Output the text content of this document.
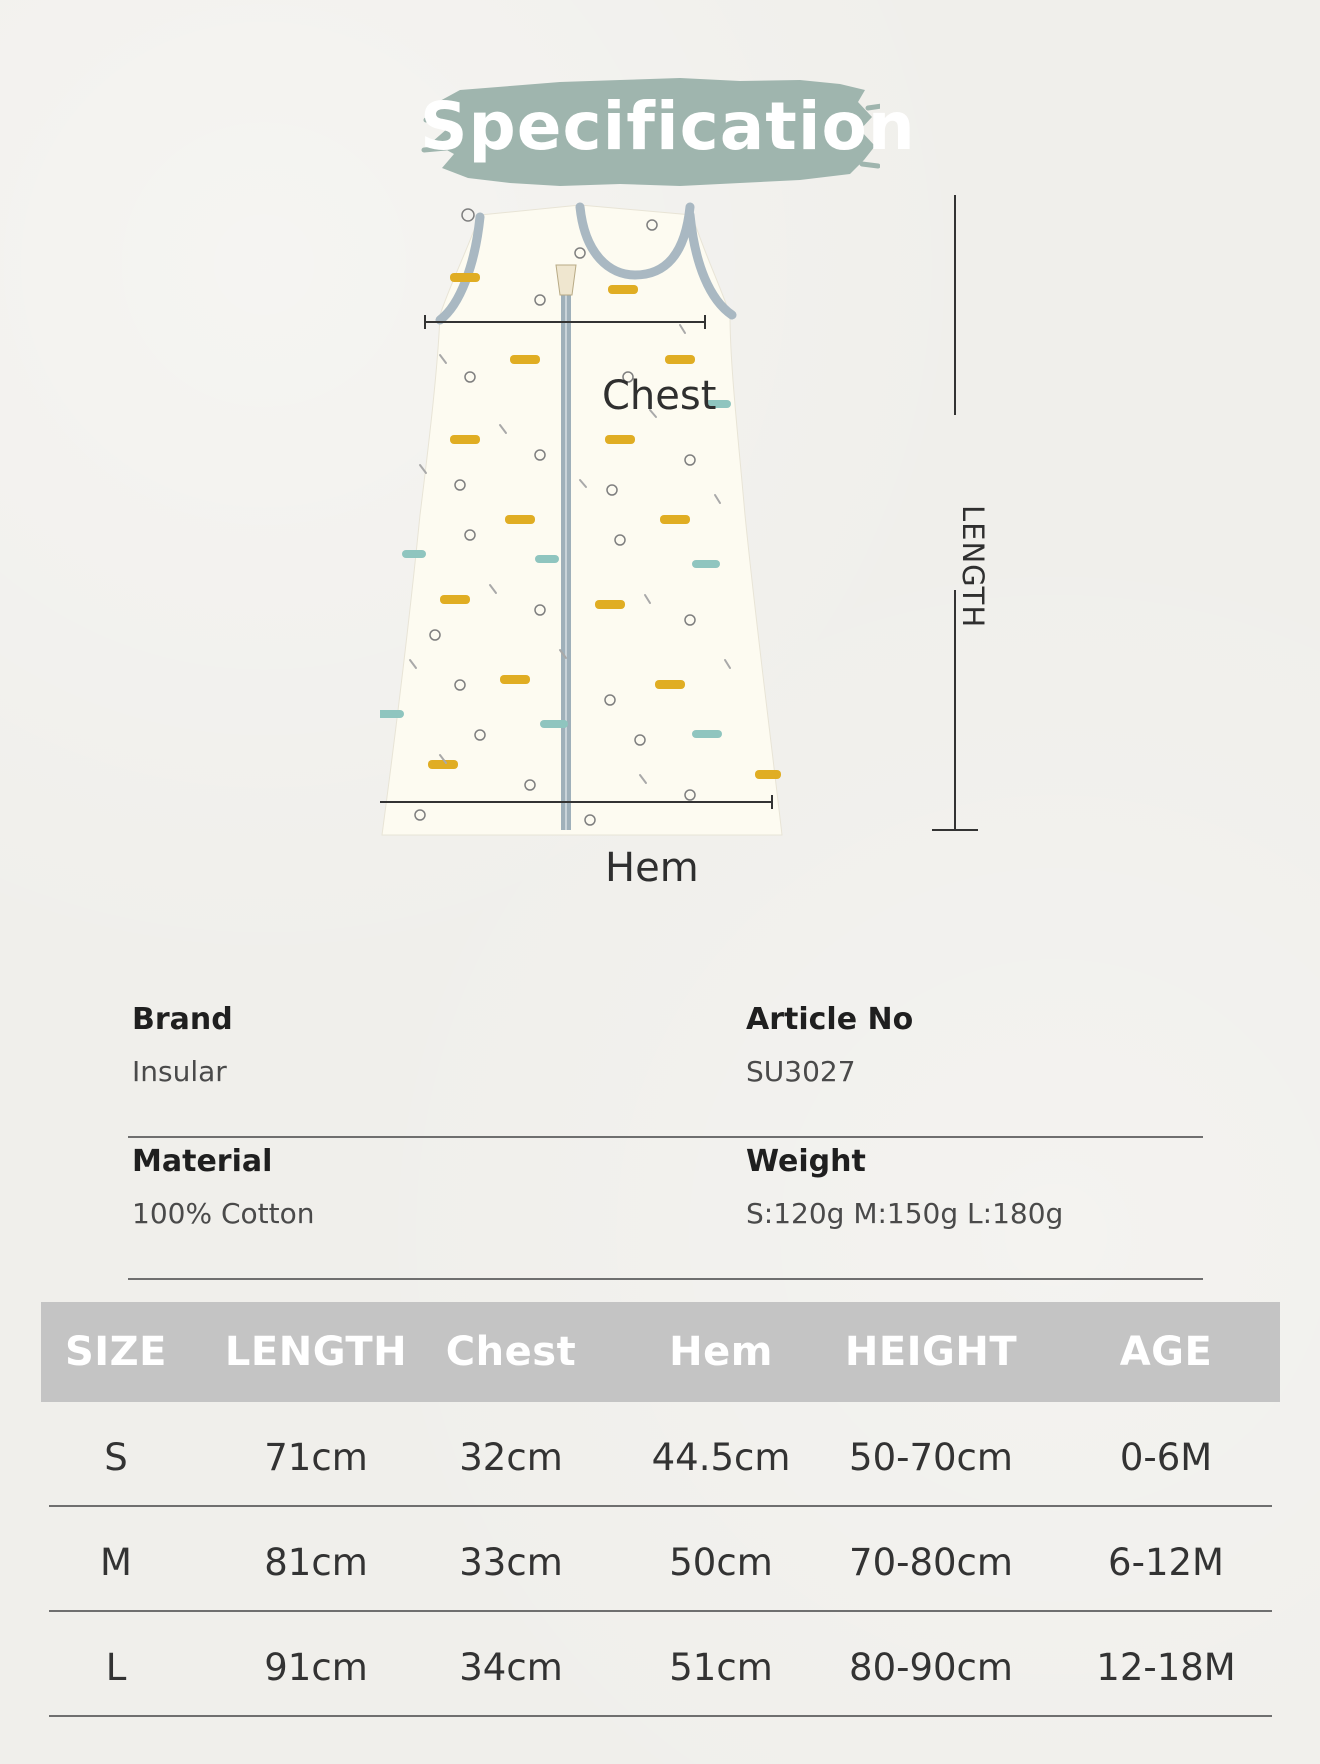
Specification
Chest
Hem
LENGTH
Brand
Insular
Article No
SU3027
Material
100% Cotton
Weight
S:120g M:150g L:180g
SIZE	LENGTH Chest	Hem	HEIGHT	AGE
S	71cm	32cm	44.5cm	50-70cm	0-6M
M	81cm	33cm	50cm	70-80cm	6-12M
L	91cm	34cm	51cm	80-90cm	12-18M
